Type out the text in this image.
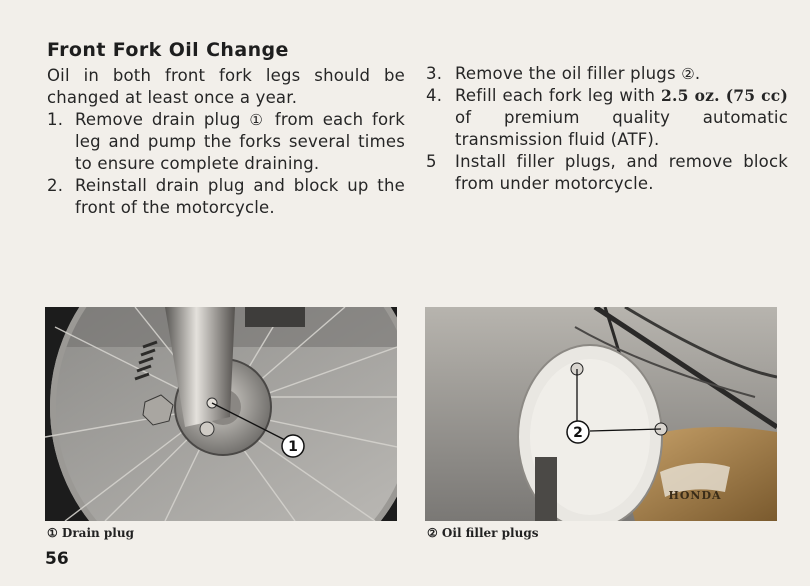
Front Fork Oil Change

Oil in both front fork legs should be changed at least once a year.

1. Remove drain plug ① from each fork leg and pump the forks several times to ensure complete draining.
2. Reinstall drain plug and block up the front of the motorcycle.
3. Remove the oil filler plugs ②.
4. Refill each fork leg with 2.5 oz. (75 cc) of premium quality automatic transmission fluid (ATF).
5 Install filler plugs, and remove block from under motorcycle.
1
HONDA
2
① Drain plug	② Oil filler plugs
56
